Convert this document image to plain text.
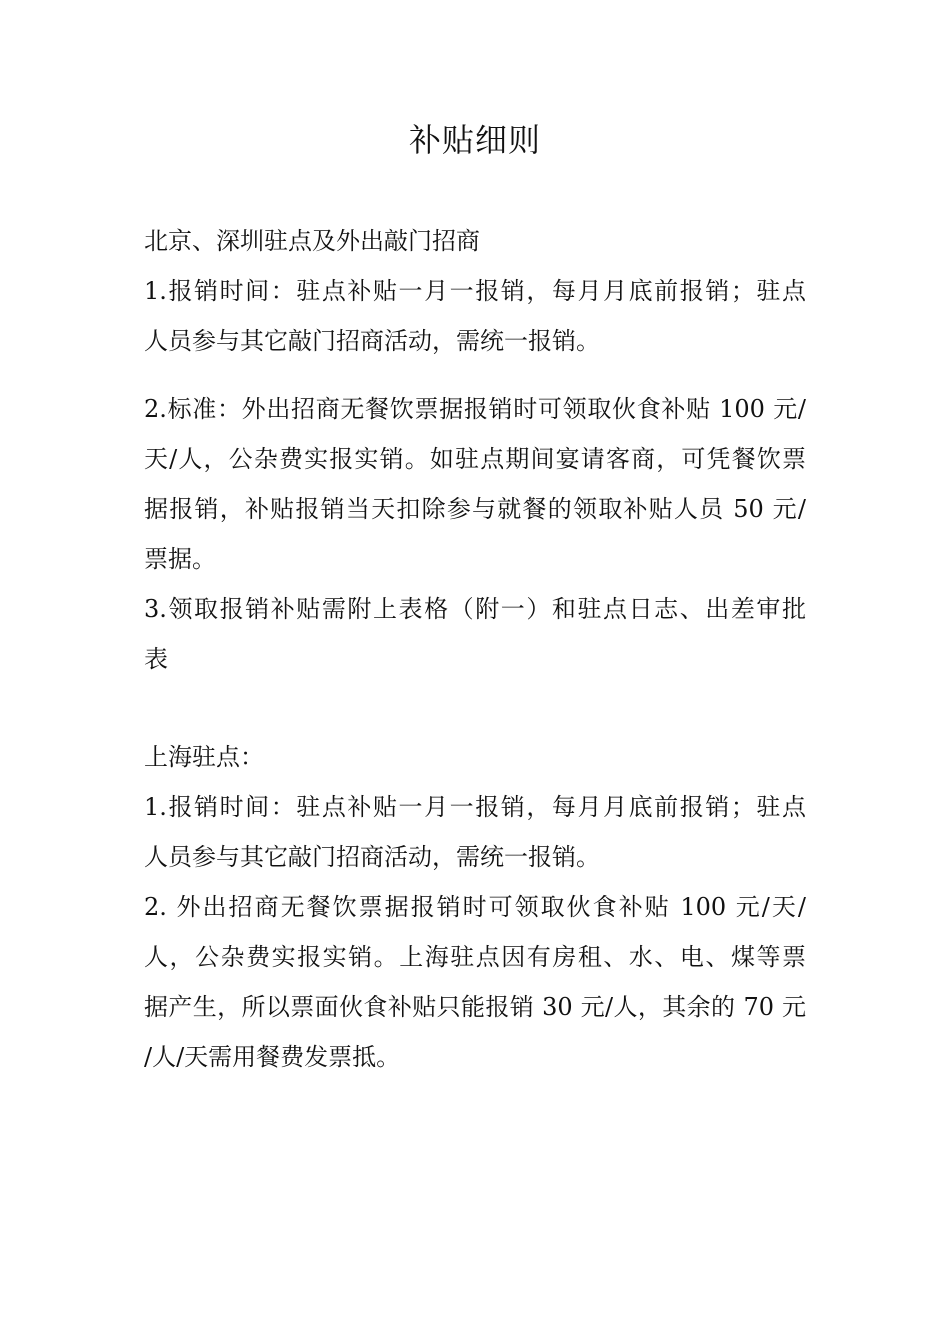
补贴细则
北京、深圳驻点及外出敲门招商
1.报销时间：驻点补贴一月一报销，每月月底前报销；驻点
人员参与其它敲门招商活动，需统一报销。
2.标准：外出招商无餐饮票据报销时可领取伙食补贴 100 元/
天/人，公杂费实报实销。如驻点期间宴请客商，可凭餐饮票
据报销，补贴报销当天扣除参与就餐的领取补贴人员 50 元/
票据。
3.领取报销补贴需附上表格（附一）和驻点日志、出差审批
表
上海驻点：
1.报销时间：驻点补贴一月一报销，每月月底前报销；驻点
人员参与其它敲门招商活动，需统一报销。
2. 外出招商无餐饮票据报销时可领取伙食补贴 100 元/天/
人，公杂费实报实销。上海驻点因有房租、水、电、煤等票
据产生，所以票面伙食补贴只能报销 30 元/人，其余的 70 元
/人/天需用餐费发票抵。
